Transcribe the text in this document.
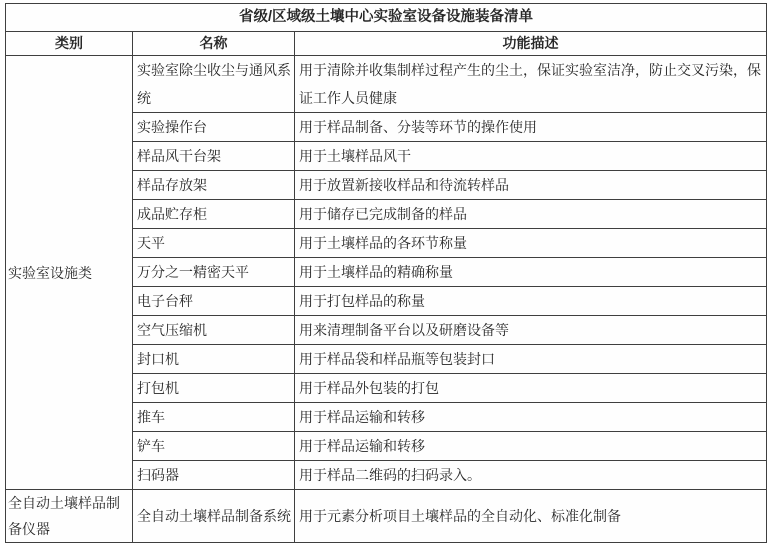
省级/区域级土壤中心实验室设备设施装备清单		
类别	名称	功能描述
实验室设施类	实验室除尘收尘与通风系统	用于清除并收集制样过程产生的尘土，保证实验室洁净，防止交叉污染，保证工作人员健康
	实验操作台	用于样品制备、分装等环节的操作使用
	样品风干台架	用于土壤样品风干
	样品存放架	用于放置新接收样品和待流转样品
	成品贮存柜	用于储存已完成制备的样品
	天平	用于土壤样品的各环节称量
	万分之一精密天平	用于土壤样品的精确称量
	电子台秤	用于打包样品的称量
	空气压缩机	用来清理制备平台以及研磨设备等
	封口机	用于样品袋和样品瓶等包装封口
	打包机	用于样品外包装的打包
	推车	用于样品运输和转移
	铲车	用于样品运输和转移
	扫码器	用于样品二维码的扫码录入。
全自动土壤样品制备仪器	全自动土壤样品制备系统	用于元素分析项目土壤样品的全自动化、标准化制备
